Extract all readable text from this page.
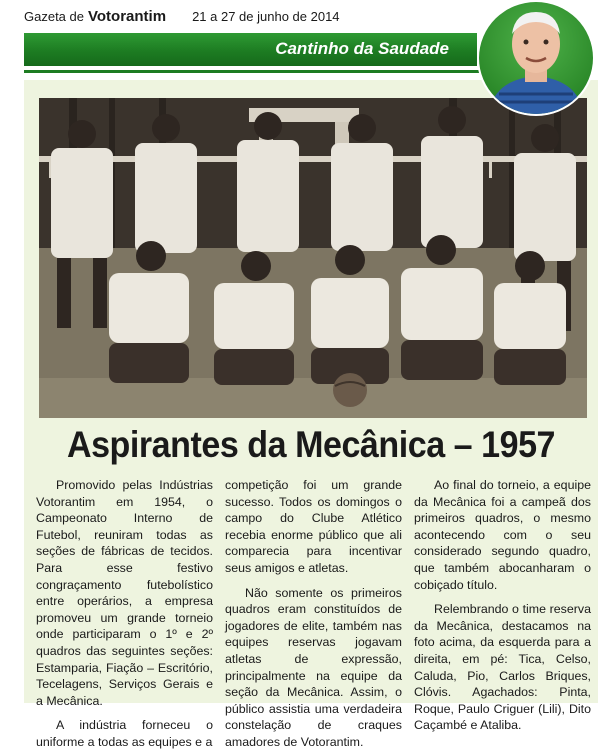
Gazeta de Votorantim 21 a 27 de junho de 2014
Cantinho da Saudade
Aspirantes da Mecânica – 1957

Promovido pelas Indústrias Votorantim em 1954, o Campeonato Interno de Futebol, reuniram todas as seções de fábricas de tecidos. Para esse festivo congraçamento futebolístico entre operários, a empresa promoveu um grande torneio onde participaram o 1º e 2º quadros das seguintes seções: Estamparia, Fiação – Escritório, Tecelagens, Serviços Gerais e a Mecânica.

A indústria forneceu o uniforme a todas as equipes e a

competição foi um grande sucesso. Todos os domingos o campo do Clube Atlético recebia enorme público que ali comparecia para incentivar seus amigos e atletas.

Não somente os primeiros quadros eram constituídos de jogadores de elite, também nas equipes reservas jogavam atletas de expressão, principalmente na equipe da seção da Mecânica. Assim, o público assistia uma verdadeira constelação de craques amadores de Votorantim.

Ao final do torneio, a equipe da Mecânica foi a campeã dos primeiros quadros, o mesmo acontecendo com o seu considerado segundo quadro, que também abocanharam o cobiçado título.

Relembrando o time reserva da Mecânica, destacamos na foto acima, da esquerda para a direita, em pé: Tica, Celso, Caluda, Pio, Carlos Briques, Clóvis. Agachados: Pinta, Roque, Paulo Criguer (Lili), Dito Caçambé e Ataliba.
